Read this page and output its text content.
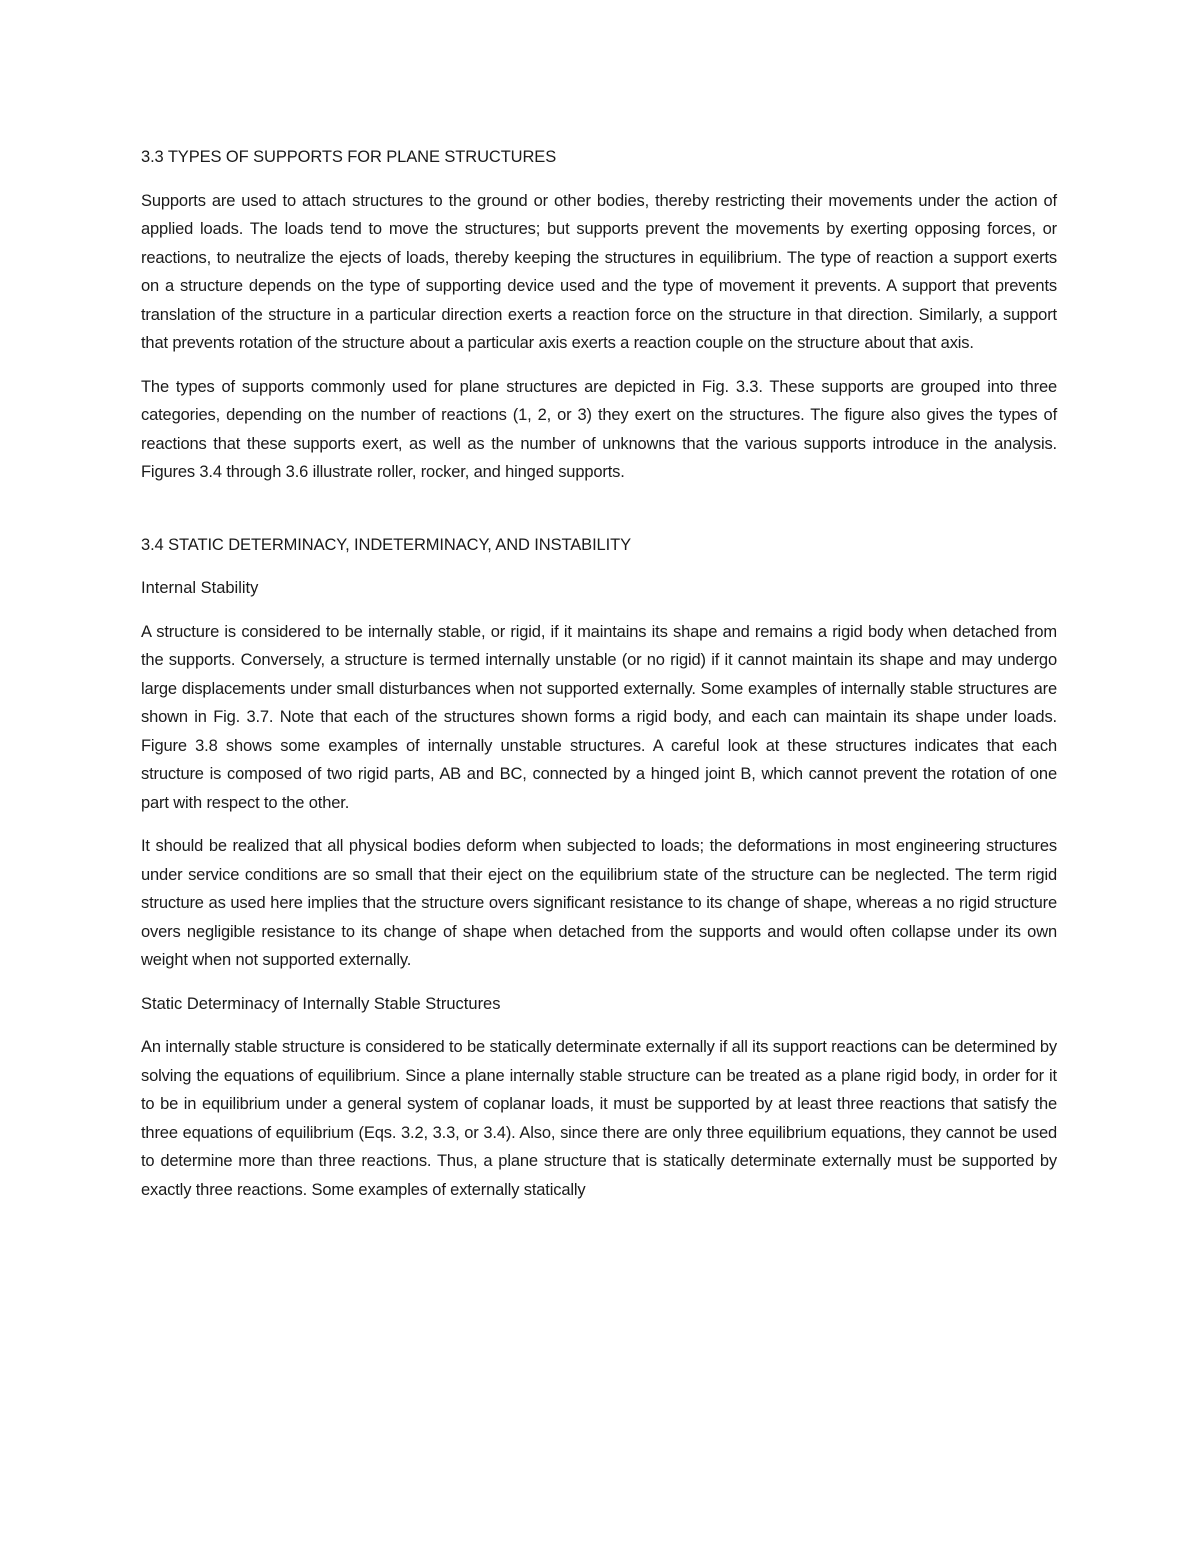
3.3 TYPES OF SUPPORTS FOR PLANE STRUCTURES

Supports are used to attach structures to the ground or other bodies, thereby restricting their movements under the action of applied loads. The loads tend to move the structures; but supports prevent the movements by exerting opposing forces, or reactions, to neutralize the ejects of loads, thereby keeping the structures in equilibrium. The type of reaction a support exerts on a structure depends on the type of supporting device used and the type of movement it prevents. A support that prevents translation of the structure in a particular direction exerts a reaction force on the structure in that direction. Similarly, a support that prevents rotation of the structure about a particular axis exerts a reaction couple on the structure about that axis.

The types of supports commonly used for plane structures are depicted in Fig. 3.3. These supports are grouped into three categories, depending on the number of reactions (1, 2, or 3) they exert on the structures. The figure also gives the types of reactions that these supports exert, as well as the number of unknowns that the various supports introduce in the analysis. Figures 3.4 through 3.6 illustrate roller, rocker, and hinged supports.

3.4 STATIC DETERMINACY, INDETERMINACY, AND INSTABILITY

Internal Stability

A structure is considered to be internally stable, or rigid, if it maintains its shape and remains a rigid body when detached from the supports. Conversely, a structure is termed internally unstable (or no rigid) if it cannot maintain its shape and may undergo large displacements under small disturbances when not supported externally. Some examples of internally stable structures are shown in Fig. 3.7. Note that each of the structures shown forms a rigid body, and each can maintain its shape under loads. Figure 3.8 shows some examples of internally unstable structures. A careful look at these structures indicates that each structure is composed of two rigid parts, AB and BC, connected by a hinged joint B, which cannot prevent the rotation of one part with respect to the other.

It should be realized that all physical bodies deform when subjected to loads; the deformations in most engineering structures under service conditions are so small that their eject on the equilibrium state of the structure can be neglected. The term rigid structure as used here implies that the structure overs significant resistance to its change of shape, whereas a no rigid structure overs negligible resistance to its change of shape when detached from the supports and would often collapse under its own weight when not supported externally.

Static Determinacy of Internally Stable Structures

An internally stable structure is considered to be statically determinate externally if all its support reactions can be determined by solving the equations of equilibrium. Since a plane internally stable structure can be treated as a plane rigid body, in order for it to be in equilibrium under a general system of coplanar loads, it must be supported by at least three reactions that satisfy the three equations of equilibrium (Eqs. 3.2, 3.3, or 3.4). Also, since there are only three equilibrium equations, they cannot be used to determine more than three reactions. Thus, a plane structure that is statically determinate externally must be supported by exactly three reactions. Some examples of externally statically
